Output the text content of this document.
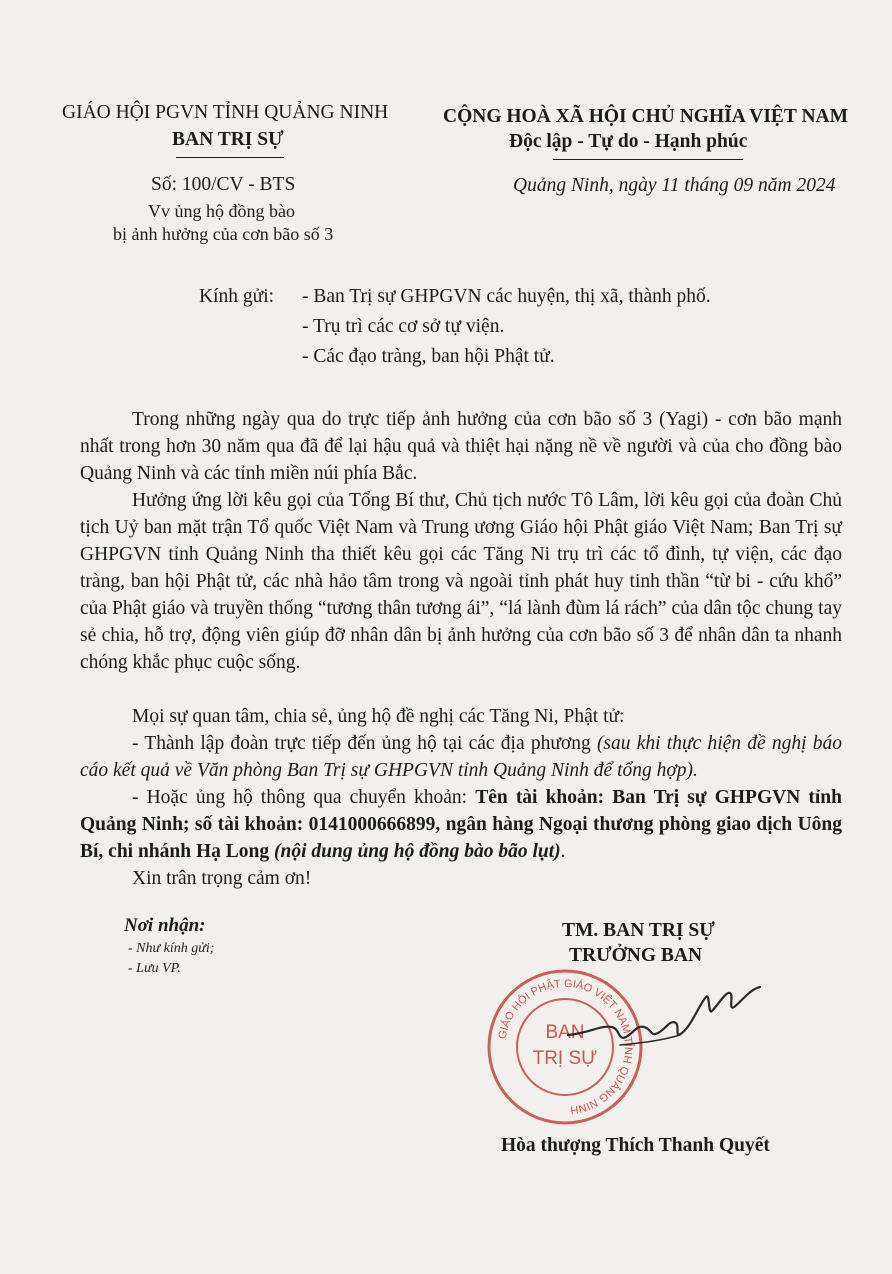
GIÁO HỘI PGVN TỈNH QUẢNG NINH
BAN TRỊ SỰ
CỘNG HOÀ XÃ HỘI CHỦ NGHĨA VIỆT NAM
Độc lập - Tự do - Hạnh phúc
Số: 100/CV - BTS
Vv ủng hộ đồng bào
bị ảnh hưởng của cơn bão số 3
Quảng Ninh, ngày 11 tháng 09 năm 2024
Kính gửi: - Ban Trị sự GHPGVN các huyện, thị xã, thành phố.
- Trụ trì các cơ sở tự viện.
- Các đạo tràng, ban hội Phật tử.
Trong những ngày qua do trực tiếp ảnh hưởng của cơn bão số 3 (Yagi) - cơn bão mạnh nhất trong hơn 30 năm qua đã để lại hậu quả và thiệt hại nặng nề về người và của cho đồng bào Quảng Ninh và các tỉnh miền núi phía Bắc.
Hưởng ứng lời kêu gọi của Tổng Bí thư, Chủ tịch nước Tô Lâm, lời kêu gọi của đoàn Chủ tịch Uỷ ban mặt trận Tổ quốc Việt Nam và Trung ương Giáo hội Phật giáo Việt Nam; Ban Trị sự GHPGVN tỉnh Quảng Ninh tha thiết kêu gọi các Tăng Ni trụ trì các tổ đình, tự viện, các đạo tràng, ban hội Phật tử, các nhà hảo tâm trong và ngoài tỉnh phát huy tinh thần “từ bi - cứu khổ” của Phật giáo và truyền thống “tương thân tương ái”, “lá lành đùm lá rách” của dân tộc chung tay sẻ chia, hỗ trợ, động viên giúp đỡ nhân dân bị ảnh hưởng của cơn bão số 3 để nhân dân ta nhanh chóng khắc phục cuộc sống.
Mọi sự quan tâm, chia sẻ, ủng hộ đề nghị các Tăng Ni, Phật tử:
- Thành lập đoàn trực tiếp đến ủng hộ tại các địa phương (sau khi thực hiện đề nghị báo cáo kết quả về Văn phòng Ban Trị sự GHPGVN tỉnh Quảng Ninh để tổng hợp).
- Hoặc ủng hộ thông qua chuyển khoản: Tên tài khoản: Ban Trị sự GHPGVN tỉnh Quảng Ninh; số tài khoản: 0141000666899, ngân hàng Ngoại thương phòng giao dịch Uông Bí, chi nhánh Hạ Long (nội dung ủng hộ đồng bào bão lụt).
Xin trân trọng cảm ơn!
Nơi nhận:
- Như kính gửi;
- Lưu VP.
TM. BAN TRỊ SỰ
TRƯỞNG BAN
GIÁO HỘI PHẬT GIÁO VIỆT NAM TỈNH QUẢNG NINH
BAN
TRỊ SỰ
Hòa thượng Thích Thanh Quyết
